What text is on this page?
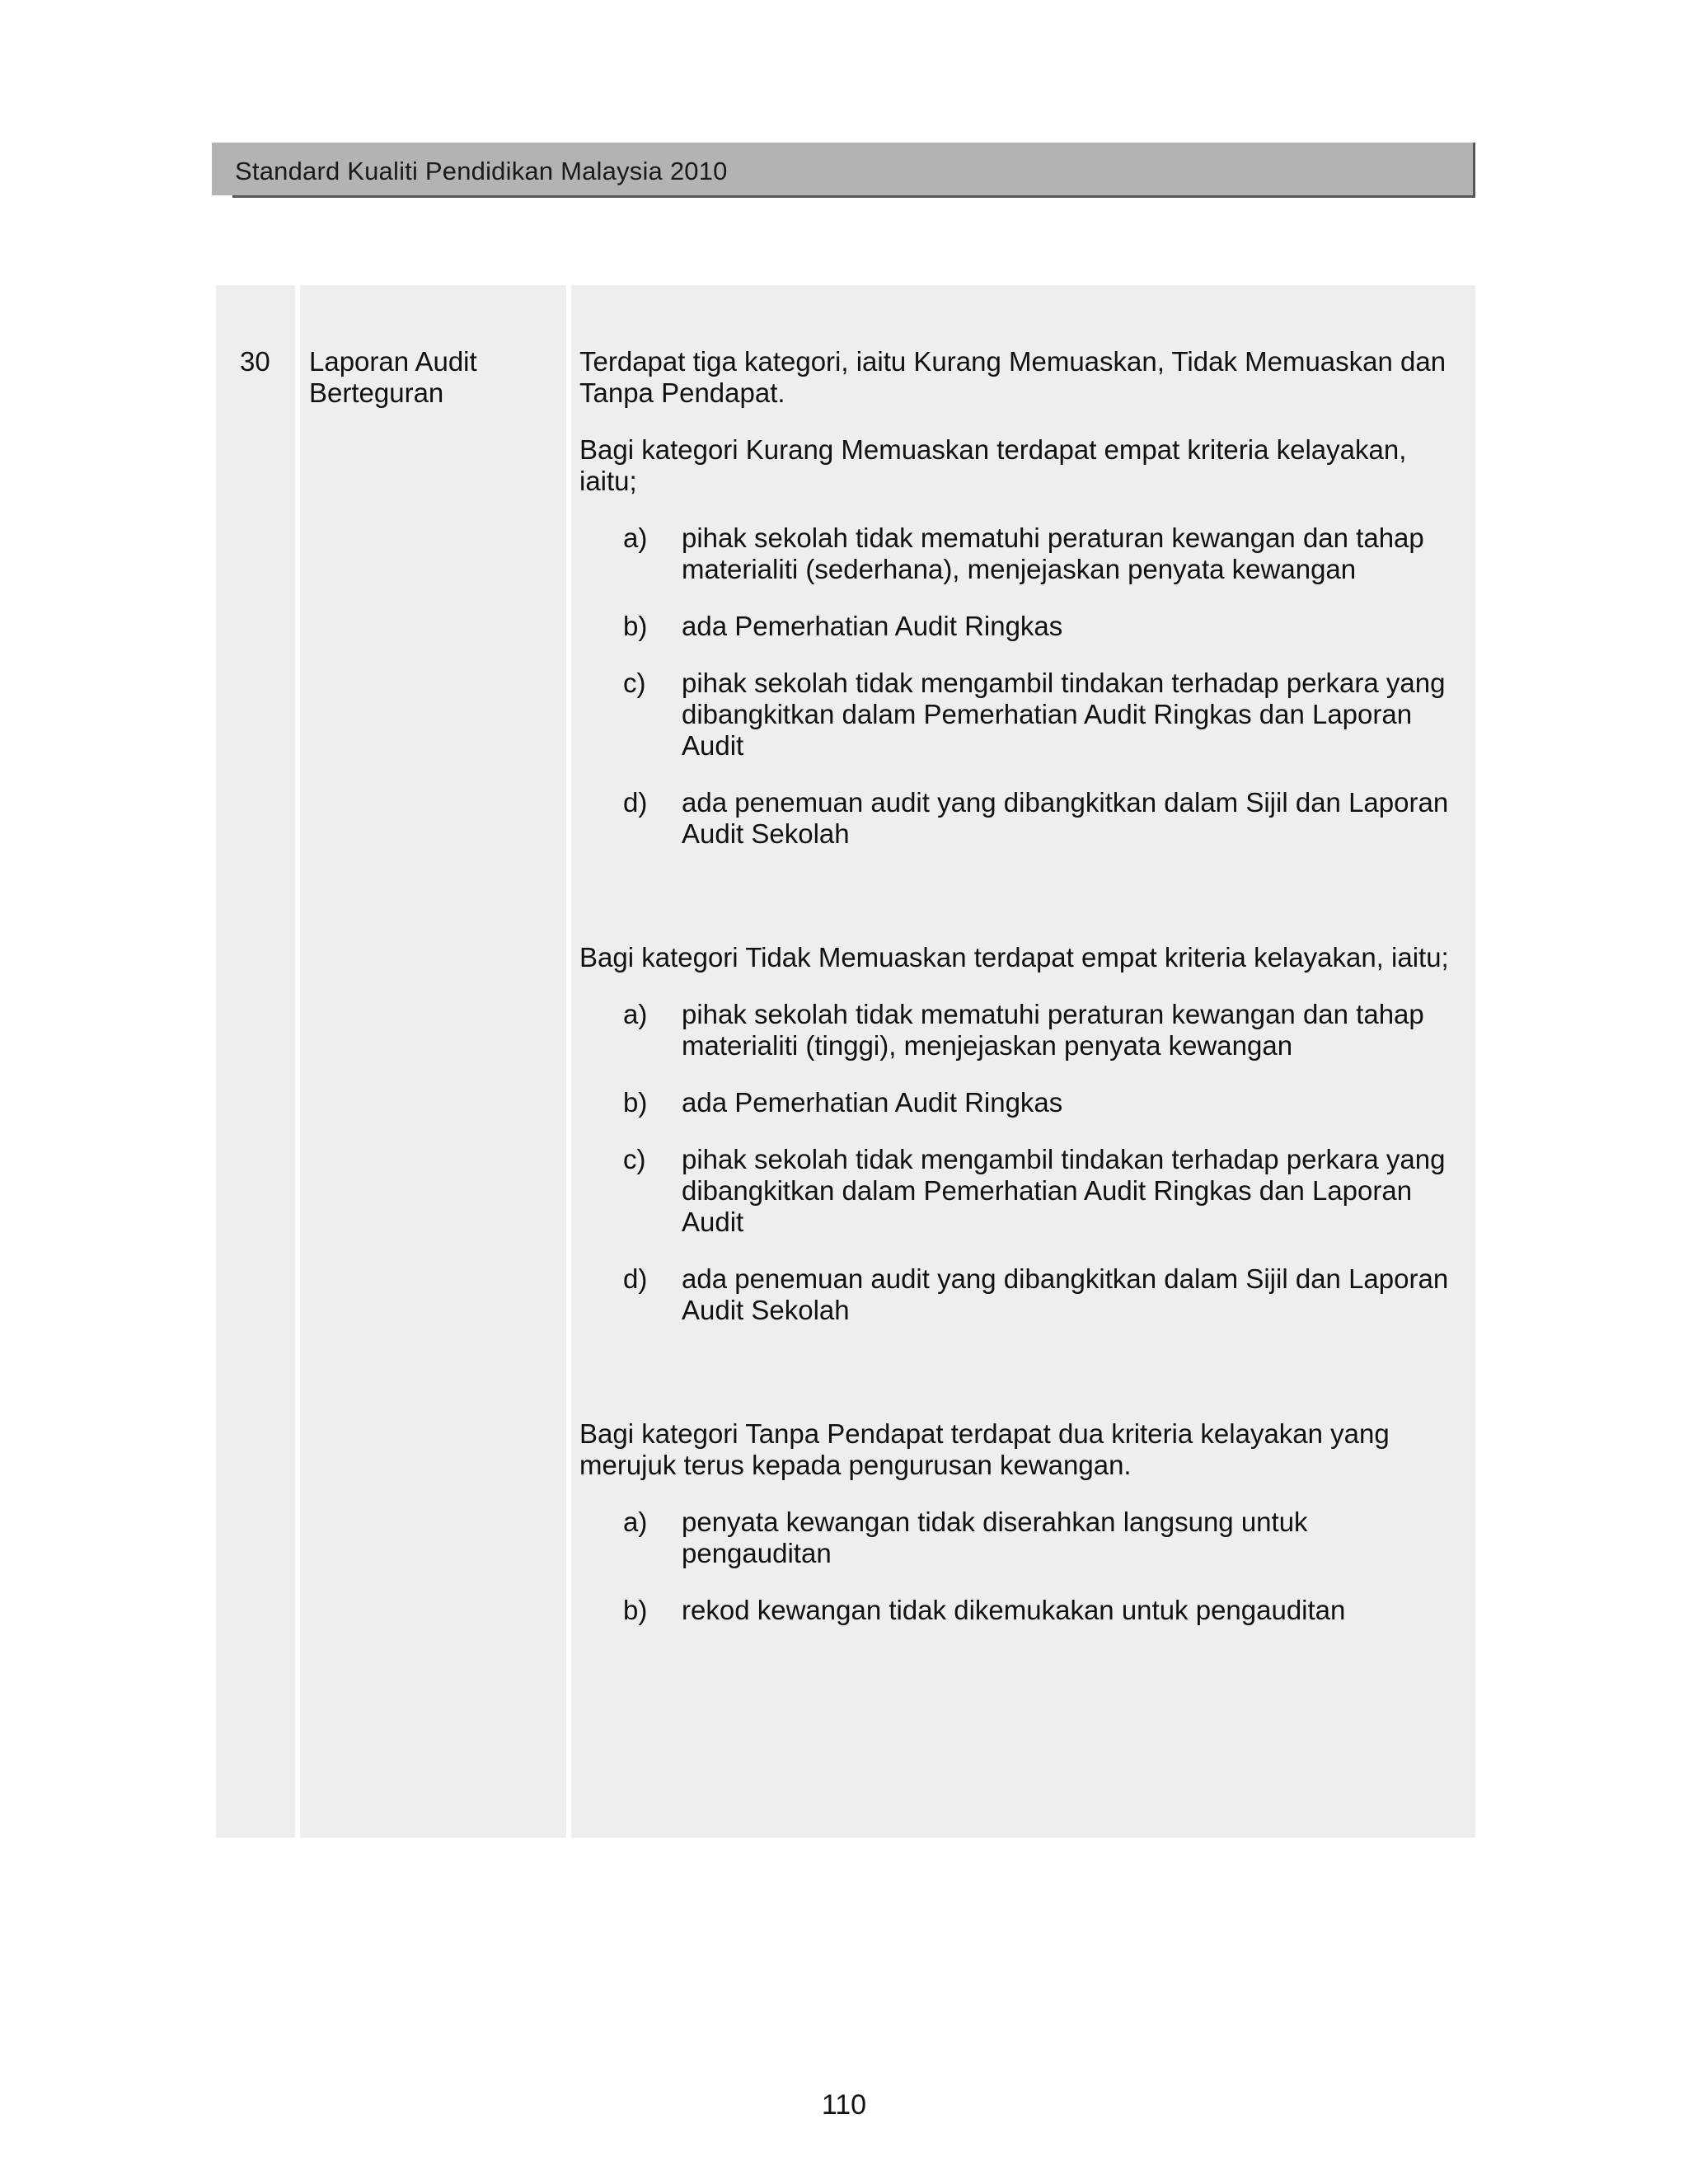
Standard Kualiti Pendidikan Malaysia 2010
30 Laporan Audit
Berteguran

Terdapat tiga kategori, iaitu Kurang Memuaskan, Tidak Memuaskan dan Tanpa Pendapat.

Bagi kategori Kurang Memuaskan terdapat empat kriteria kelayakan, iaitu;

a) pihak sekolah tidak mematuhi peraturan kewangan dan tahap materialiti (sederhana), menjejaskan penyata kewangan
b) ada Pemerhatian Audit Ringkas
c) pihak sekolah tidak mengambil tindakan terhadap perkara yang dibangkitkan dalam Pemerhatian Audit Ringkas dan Laporan Audit
d) ada penemuan audit yang dibangkitkan dalam Sijil dan Laporan Audit Sekolah

Bagi kategori Tidak Memuaskan terdapat empat kriteria kelayakan, iaitu;

a) pihak sekolah tidak mematuhi peraturan kewangan dan tahap materialiti (tinggi), menjejaskan penyata kewangan
b) ada Pemerhatian Audit Ringkas
c) pihak sekolah tidak mengambil tindakan terhadap perkara yang dibangkitkan dalam Pemerhatian Audit Ringkas dan Laporan Audit
d) ada penemuan audit yang dibangkitkan dalam Sijil dan Laporan Audit Sekolah

Bagi kategori Tanpa Pendapat terdapat dua kriteria kelayakan yang merujuk terus kepada pengurusan kewangan.

a) penyata kewangan tidak diserahkan langsung untuk pengauditan
b) rekod kewangan tidak dikemukakan untuk pengauditan
110
